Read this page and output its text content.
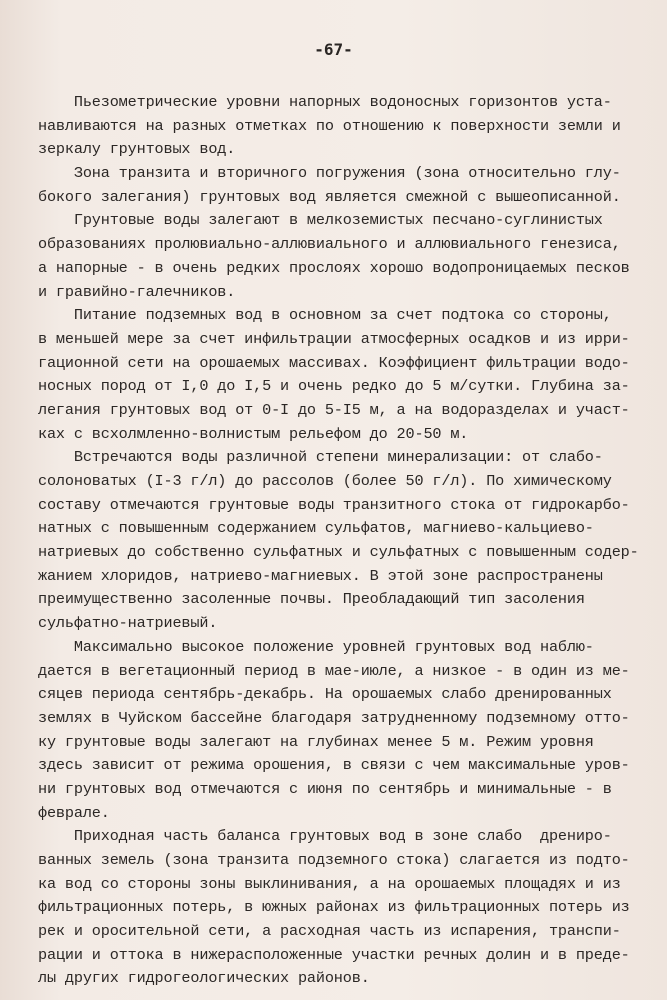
-67-
Пьезометрические уровни напорных водоносных горизонтов уста-
навливаются на разных отметках по отношению к поверхности земли и
зеркалу грунтовых вод.
Зона транзита и вторичного погружения (зона относительно глу-
бокого залегания) грунтовых вод является смежной с вышеописанной.
Грунтовые воды залегают в мелкоземистых песчано-суглинистых
образованиях пролювиально-аллювиального и аллювиального генезиса,
а напорные - в очень редких прослоях хорошо водопроницаемых песков
и гравийно-галечников.
Питание подземных вод в основном за счет подтока со стороны,
в меньшей мере за счет инфильтрации атмосферных осадков и из ирри-
гационной сети на орошаемых массивах. Коэффициент фильтрации водо-
носных пород от I,0 до I,5 и очень редко до 5 м/сутки. Глубина за-
легания грунтовых вод от 0-I до 5-I5 м, а на водоразделах и участ-
ках с всхолмленно-волнистым рельефом до 20-50 м.
Встречаются воды различной степени минерализации: от слабо-
солоноватых (I-3 г/л) до рассолов (более 50 г/л). По химическому
составу отмечаются грунтовые воды транзитного стока от гидрокарбо-
натных с повышенным содержанием сульфатов, магниево-кальциево-
натриевых до собственно сульфатных и сульфатных с повышенным содер-
жанием хлоридов, натриево-магниевых. В этой зоне распространены
преимущественно засоленные почвы. Преобладающий тип засоления
сульфатно-натриевый.
Максимально высокое положение уровней грунтовых вод наблю-
дается в вегетационный период в мае-июле, а низкое - в один из ме-
сяцев периода сентябрь-декабрь. На орошаемых слабо дренированных
землях в Чуйском бассейне благодаря затрудненному подземному отто-
ку грунтовые воды залегают на глубинах менее 5 м. Режим уровня
здесь зависит от режима орошения, в связи с чем максимальные уров-
ни грунтовых вод отмечаются с июня по сентябрь и минимальные - в
феврале.
Приходная часть баланса грунтовых вод в зоне слабо  дрениро-
ванных земель (зона транзита подземного стока) слагается из подто-
ка вод со стороны зоны выклинивания, а на орошаемых площадях и из
фильтрационных потерь, в южных районах из фильтрационных потерь из
рек и оросительной сети, а расходная часть из испарения, транспи-
рации и оттока в нижерасположенные участки речных долин и в преде-
лы других гидрогеологических районов.
